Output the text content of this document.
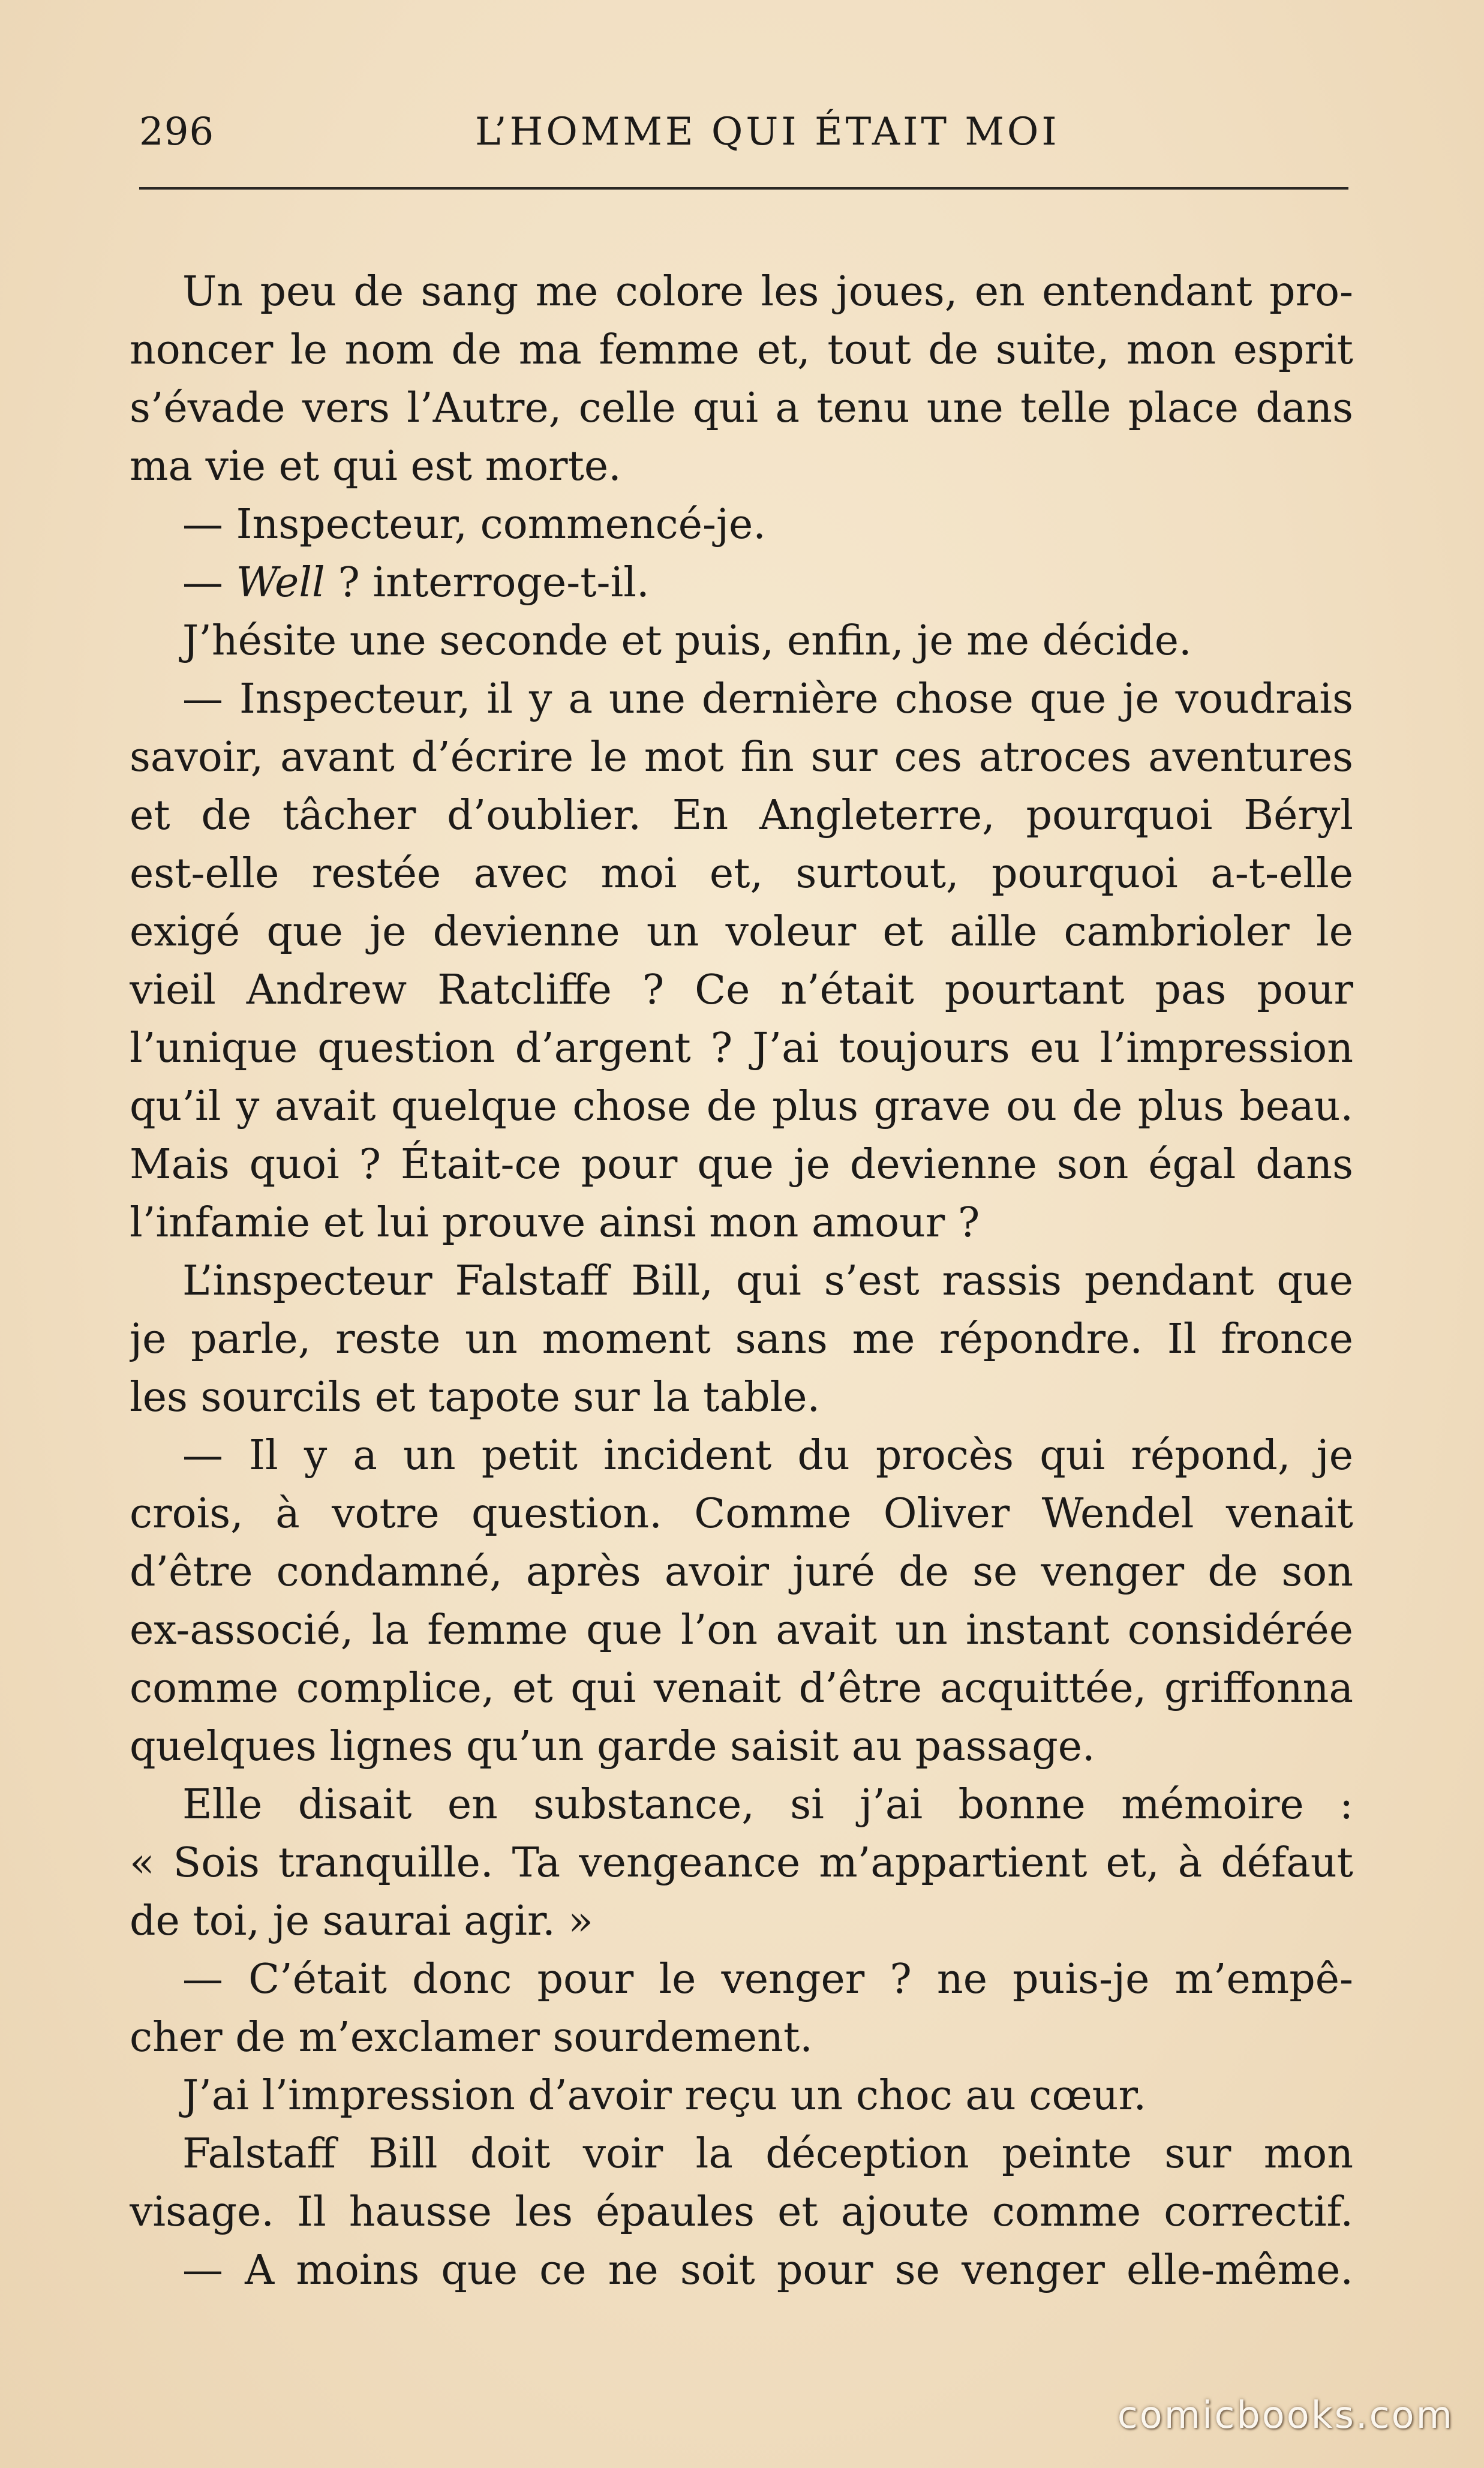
296	L’HOMME QUI ÉTAIT MOI
Un peu de sang me colore les joues, en entendant pro-
noncer le nom de ma femme et, tout de suite, mon esprit
s’évade vers l’Autre, celle qui a tenu une telle place dans
ma vie et qui est morte.
— Inspecteur, commencé-je.
— Well ? interroge-t-il.
J’hésite une seconde et puis, enfin, je me décide.
— Inspecteur, il y a une dernière chose que je voudrais
savoir, avant d’écrire le mot fin sur ces atroces aventures
et de tâcher d’oublier. En Angleterre, pourquoi Béryl
est-elle restée avec moi et, surtout, pourquoi a-t-elle
exigé que je devienne un voleur et aille cambrioler le
vieil Andrew Ratcliffe ? Ce n’était pourtant pas pour
l’unique question d’argent ? J’ai toujours eu l’impression
qu’il y avait quelque chose de plus grave ou de plus beau.
Mais quoi ? Était-ce pour que je devienne son égal dans
l’infamie et lui prouve ainsi mon amour ?
L’inspecteur Falstaff Bill, qui s’est rassis pendant que
je parle, reste un moment sans me répondre. Il fronce
les sourcils et tapote sur la table.
— Il y a un petit incident du procès qui répond, je
crois, à votre question. Comme Oliver Wendel venait
d’être condamné, après avoir juré de se venger de son
ex-associé, la femme que l’on avait un instant considérée
comme complice, et qui venait d’être acquittée, griffonna
quelques lignes qu’un garde saisit au passage.
Elle disait en substance, si j’ai bonne mémoire :
« Sois tranquille. Ta vengeance m’appartient et, à défaut
de toi, je saurai agir. »
— C’était donc pour le venger ? ne puis-je m’empê-
cher de m’exclamer sourdement.
J’ai l’impression d’avoir reçu un choc au cœur.
Falstaff Bill doit voir la déception peinte sur mon
visage. Il hausse les épaules et ajoute comme correctif.
— A moins que ce ne soit pour se venger elle-même.
comicbooks.com
